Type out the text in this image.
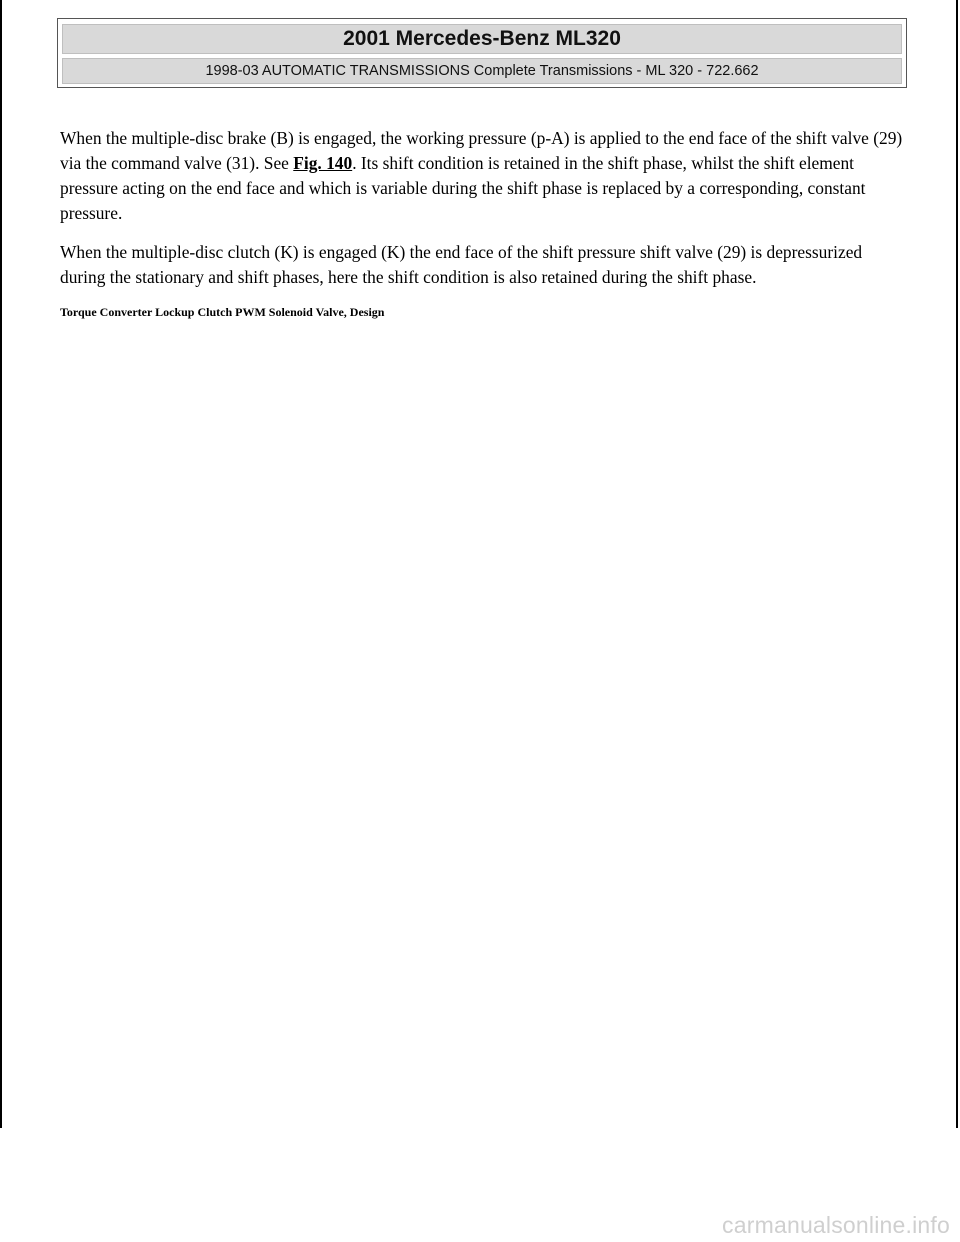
2001 Mercedes-Benz ML320
1998-03 AUTOMATIC TRANSMISSIONS Complete Transmissions - ML 320 - 722.662

When the multiple-disc brake (B) is engaged, the working pressure (p-A) is applied to the end face of the shift valve (29) via the command valve (31). See Fig. 140. Its shift condition is retained in the shift phase, whilst the shift element pressure acting on the end face and which is variable during the shift phase is replaced by a corresponding, constant pressure.

When the multiple-disc clutch (K) is engaged (K) the end face of the shift pressure shift valve (29) is depressurized during the stationary and shift phases, here the shift condition is also retained during the shift phase.

Torque Converter Lockup Clutch PWM Solenoid Valve, Design

carmanualsonline.info
